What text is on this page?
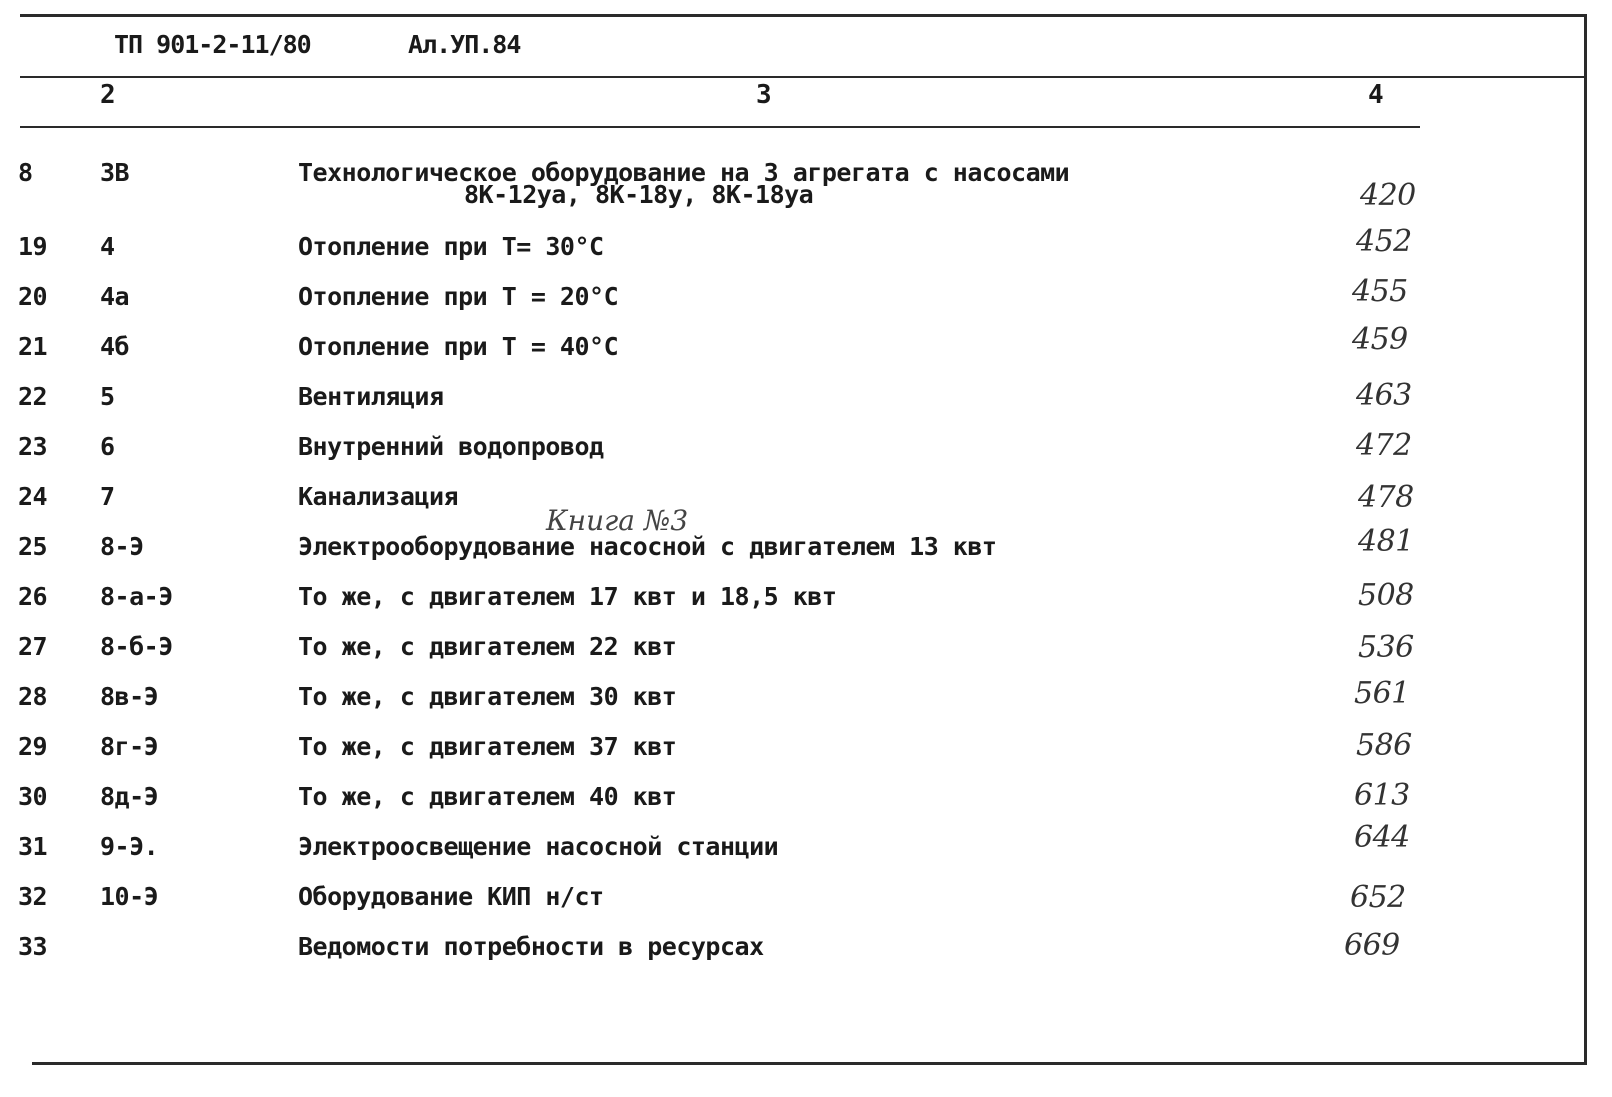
ТП 901-2-11/80	Ал.УП.84
2	3	4
8	3В	Технологическое оборудование на 3 агрегата с насосами
8К-12уа, 8К-18у, 8К-18уа	420
19 4	Отопление при Т= 30°С	452
20 4а	Отопление при Т = 20°С	455
21 4б	Отопление при Т = 40°С	459
22 5	Вентиляция	463
23 6	Внутренний водопровод	472
24 7	Канализация	478
25 8-Э	Электрооборудование насосной с двигателем 13 квт	481
26 8-а-Э	То же, с двигателем 17 квт и 18,5 квт	508
27 8-б-Э	То же, с двигателем 22 квт	536
28 8в-Э	То же, с двигателем 30 квт	561
29 8г-Э	То же, с двигателем 37 квт	586
30 8д-Э	То же, с двигателем 40 квт	613
31 9-Э.	Электроосвещение насосной станции	644
32 10-Э	Оборудование КИП н/ст	652
33	Ведомости потребности в ресурсах	669
Книга №3
